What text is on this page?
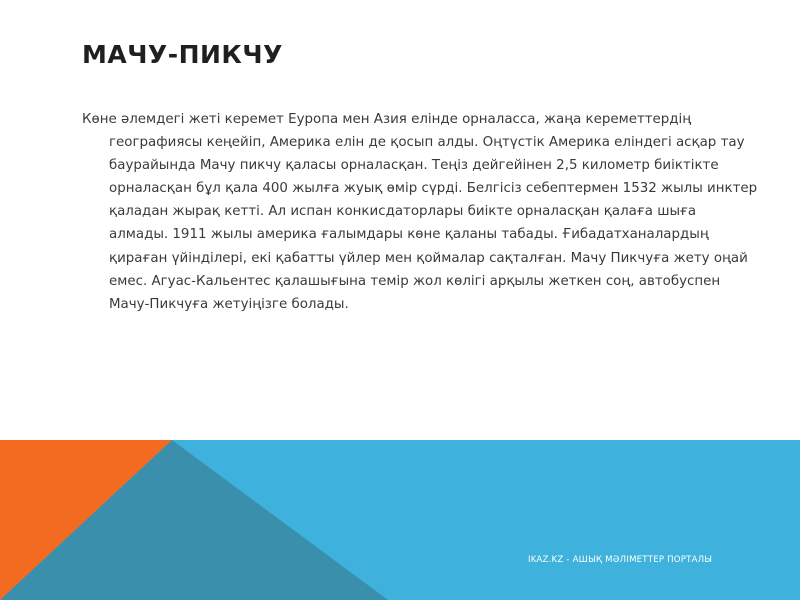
МАЧУ-ПИКЧУ

Көне әлемдегі жеті керемет Еуропа мен Азия елінде орналасса, жаңа кереметтердің географиясы кеңейіп, Америка елін де қосып алды. Оңтүстік Америка еліндегі асқар тау баурайында Мачу пикчу қаласы орналасқан. Теңіз дейгейінен 2,5 километр биіктікте орналасқан бұл қала 400 жылға жуық өмір сүрді. Белгісіз себептермен 1532 жылы инктер қаладан жырақ кетті. Ал испан конкисдаторлары биікте орналасқан қалаға шыға алмады. 1911 жылы америка ғалымдары көне қаланы табады. Ғибадатханалардың қираған үйінділері, екі қабатты үйлер мен қоймалар сақталған. Мачу Пикчуға жету оңай емес. Агуас-Кальентес қалашығына темір жол көлігі арқылы жеткен соң, автобуспен Мачу-Пикчуға жетуіңізге болады.

IKAZ.KZ - АШЫҚ МӘЛІМЕТТЕР ПОРТАЛЫ
